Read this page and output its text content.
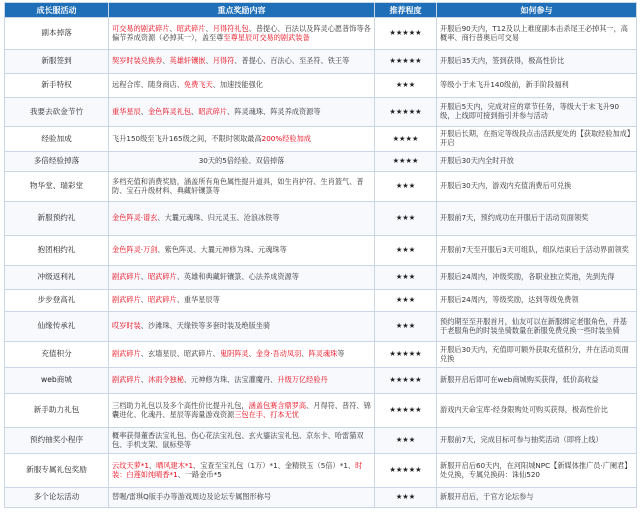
成长服活动	重点奖励内容	推荐程度	如何参与
副本掉落	可交易的剧武碎片、昭武碎片、月得符礼包、普提心、百法以及阵灵心愿普饰等各偏节养成资源（必掉其一），盖至尊至尊星辰可交易的剧武装备	★★★★★	开服后90天内，T12及以上难度副本击杀尾王必掉其一，高概率、商行普奥后可交易
新服签到	契岁时装兑换券、英雄轩镶嵌、月得符、普提心、百法心、至圣符、铁王等	★★★★★	开服后35天内，签到获得，极高性价比
新手特权	远程合库、随身商店、免费飞天、加速技能强化	★★★	等级小于未飞升140级前，新手阶段福利
我要去砍金节竹	重华星辰、金色阵灵礼包、昭武碎片、阵灵魂珠、阵灵养成资源等	★★★★★	开服后5天内，完成对应的章节任务，等级大于未飞升90级，上线即可接到指引并参与活动
经验加成	飞升150级至飞升165级之间，不限时领取最高200%经验加成	★★★★	开服后长期，在指定等级段点击活跃度处的【获取经验加成】开启
多倍经验掉落	30天的5倍经验、双倍掉落	★★★★	开服后30天内全时开放
物华堂、瑞彩堂	多档充值和消费奖励，涵盖所有角色属性提升道具，如生肖护符、生肖篮气、普防、宝石升级材料、典藏轩镶箓等	★★★	开服后30天内，游戏内充值消费后可兑换
新服预约礼	金色阵灵·谱玄、大曩元魂珠、归元灵玉、沧浪冰铁等	★★★	开服前7天，预约成功在开服后于活动页面领奖
抱团相约礼	金色阵灵·万剑、紫色阵灵、大曩元神修为珠、元魂珠等	★★★	开服前7天至开服后3天可组队，组队结束后于活动界面领奖
冲级返利礼	剧武碎片、昭武碎片、英雄和典藏轩镶箓、心法养成资源等	★★★	开服后24周内，冲级奖励，各职业独立奖池，先到先得
步步登高礼	剧武碎片、昭武碎片、重华星辰等	★★★	开服后24周内，等级奖励，达到等级免费领
仙缘传承礼	哎岁时装、沙滩珠、天缘铁等多套时装及绝版坐骑	★★★	预约期至至开服首月，仙友可以在新服绑定老服角色，并基于老服角色的时装坐骑数量在新服免费兑换一些时装坐骑
充值积分	剧武碎片、玄墙星辰、昭武碎片、鬼阴阵灵、金身·吾动凤羽、阵灵魂珠等	★★★★★	开服后30天内，充值即可额外获取充值积分，并在活动页面兑换
web商城	剧武碎片、沐雨令独秘、元神修为珠、法宝灌魔丹、升级万亿经验丹	★★★★★	新服开启后即可在web商城购买获得，低价高收益
新手助力礼包	三档助力礼包以及多个高性价比提升礼包，涵盖包赛含鼎罗高、月得符、普符、锦囊进化、化魂丹、星辰等海量游戏资源三包在手、打本无忧	★★★★★	游戏内天命宝库-经身限购处可购买获得，极高性价比
预约抽奖小程序	概率获得董香法宝礼包、伤心花法宝礼包、玄火鎏法宝礼包、京东卡、哈雷猫双包、手机支架、鼠标垫等	★★★	开服前7天，完成目标可参与抽奖活动（即将上线）
新服专属礼包奖励	云纹天萝*1、晒风建木*1、宝查至宝礼包（1万）*1、金精铁玉（5倍）*1、时装：白莲如纯晴香*1、一路金币*5	★★★★★	新服开启后60天内，在河阳城NPC【新媒体推广员·广阑君】处兑换，专属兑换码：诛仙520
多个论坛活动	替喔/雷琪Q版手办等游戏周边及论坛专属图形称号	★★★	新服开启后，于官方论坛参与
